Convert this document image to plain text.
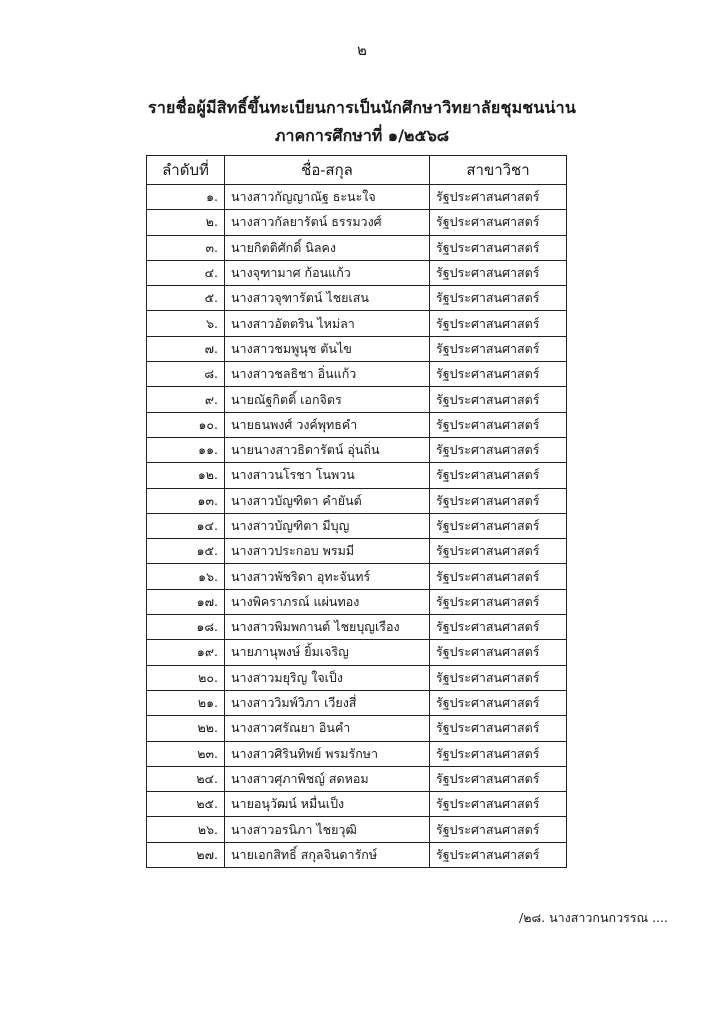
๒
รายชื่อผู้มีสิทธิ์ขึ้นทะเบียนการเป็นนักศึกษาวิทยาลัยชุมชนน่าน
ภาคการศึกษาที่ ๑/๒๕๖๘
ลำดับที่	ชื่อ-สกุล	สาขาวิชา
๑.	นางสาวกัญญาณัฐ ธะนะใจ	รัฐประศาสนศาสตร์
๒.	นางสาวกัลยารัตน์ ธรรมวงศ์	รัฐประศาสนศาสตร์
๓.	นายกิตติศักดิ์ นิลคง	รัฐประศาสนศาสตร์
๔.	นางจุฑามาศ ก้อนแก้ว	รัฐประศาสนศาสตร์
๕.	นางสาวจุฑารัตน์ ไชยเสน	รัฐประศาสนศาสตร์
๖.	นางสาวอัตตริน ไหม่ลา	รัฐประศาสนศาสตร์
๗.	นางสาวชมพูนุช ตันไข	รัฐประศาสนศาสตร์
๘.	นางสาวชลธิชา อิ่นแก้ว	รัฐประศาสนศาสตร์
๙.	นายณัฐกิตติ์ เอกจิตร	รัฐประศาสนศาสตร์
๑๐.	นายธนพงศ์ วงค์พุทธคำ	รัฐประศาสนศาสตร์
๑๑.	นายนางสาวธิดารัตน์ อุ่นถิ่น	รัฐประศาสนศาสตร์
๑๒.	นางสาวนโรชา โนพวน	รัฐประศาสนศาสตร์
๑๓.	นางสาวบัญฑิตา คำยันต์	รัฐประศาสนศาสตร์
๑๔.	นางสาวบัญฑิตา มีบุญ	รัฐประศาสนศาสตร์
๑๕.	นางสาวประกอบ พรมมี	รัฐประศาสนศาสตร์
๑๖.	นางสาวพัชริดา อุทะจันทร์	รัฐประศาสนศาสตร์
๑๗.	นางพิคราภรณ์ แผ่นทอง	รัฐประศาสนศาสตร์
๑๘.	นางสาวพิมพกานต์ ไชยบุญเรือง	รัฐประศาสนศาสตร์
๑๙.	นายภานุพงษ์ ยิ้มเจริญ	รัฐประศาสนศาสตร์
๒๐.	นางสาวมยุริญ ใจเป็ง	รัฐประศาสนศาสตร์
๒๑.	นางสาววิมพ์วิภา เวียงสี่	รัฐประศาสนศาสตร์
๒๒.	นางสาวศรัณยา อินคำ	รัฐประศาสนศาสตร์
๒๓.	นางสาวศิรินทิพย์ พรมรักษา	รัฐประศาสนศาสตร์
๒๔.	นางสาวศุภาพิชญ์ สดหอม	รัฐประศาสนศาสตร์
๒๕.	นายอนุวัฒน์ หมื่นเป็ง	รัฐประศาสนศาสตร์
๒๖.	นางสาวอรนิภา ไชยวุฒิ	รัฐประศาสนศาสตร์
๒๗.	นายเอกสิทธิ์ สกุลจินดารักษ์	รัฐประศาสนศาสตร์
/๒๘. นางสาวกนกวรรณ ....
